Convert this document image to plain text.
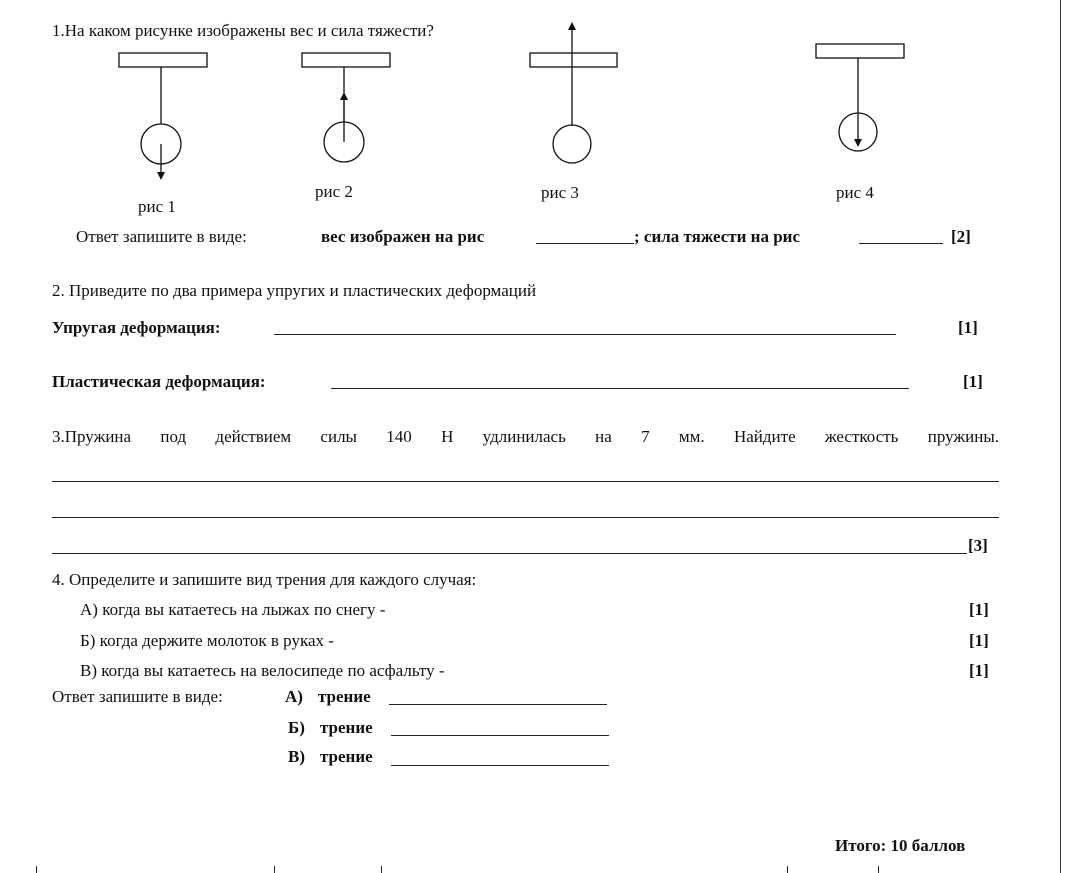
1.На каком рисунке изображены вес и сила тяжести?
рис 1
рис 2	рис 3	рис 4
Ответ запишите в виде:	вес изображен на рис	; сила тяжести на рис	[2]
2. Приведите по два примера упругих и пластических деформаций
Упругая деформация:	[1]
Пластическая деформация:	[1]
3.Пружина под действием силы 140 Н удлинилась на 7 мм. Найдите жесткость пружины.
[3]
4. Определите и запишите вид трения для каждого случая:
А) когда вы катаетесь на лыжах по снегу -	[1]
Б) когда держите молоток в руках -	[1]
В) когда вы катаетесь на велосипеде по асфальту -	[1]
Ответ запишите в виде:	А) трение
Б) трение
В) трение
Итого: 10 баллов
